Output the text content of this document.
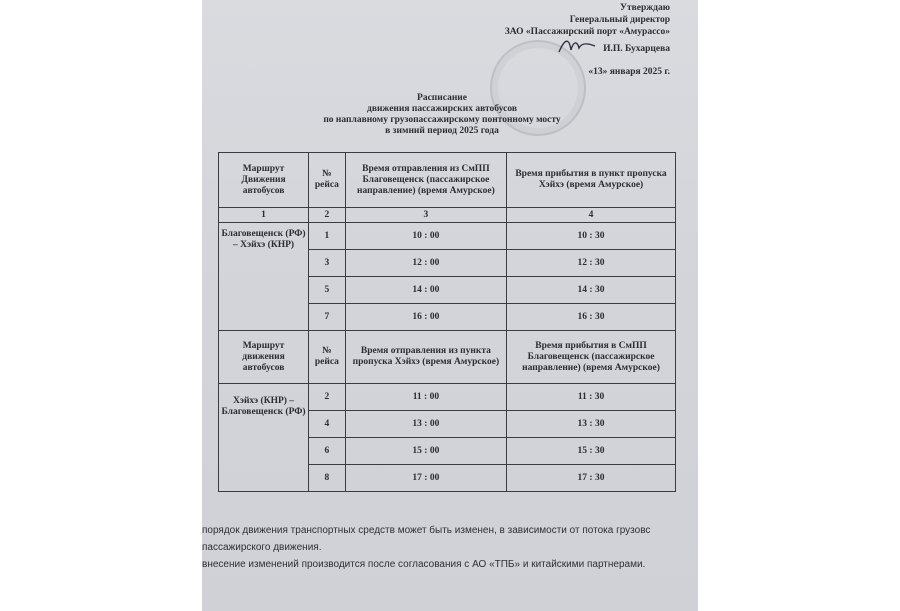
Утверждаю
Генеральный директор
ЗАО «Пассажирский порт «Амурассо»
И.П. Бухарцева
«13» января 2025 г.
Расписание
движения пассажирских автобусов
по наплавному грузопассажирскому понтонному мосту
в зимний период 2025 года
Маршрут Движения автобусов	№ рейса	Время отправления из СмПП Благовещенск (пассажирское направление) (время Амурское)	Время прибытия в пункт пропуска Хэйхэ (время Амурское)
1	2	3	4
Благовещенск (РФ) – Хэйхэ (КНР)	1	10 : 00	10 : 30
	3	12 : 00	12 : 30
	5	14 : 00	14 : 30
	7	16 : 00	16 : 30
Маршрут движения автобусов	№ рейса	Время отправления из пункта пропуска Хэйхэ (время Амурское)	Время прибытия в СмПП Благовещенск (пассажирское направление) (время Амурское)
Хэйхэ (КНР) – Благовещенск (РФ)	2	11 : 00	11 : 30
	4	13 : 00	13 : 30
	6	15 : 00	15 : 30
	8	17 : 00	17 : 30
порядок движения транспортных средств может быть изменен, в зависимости от потока грузовс
пассажирского движения.
внесение изменений производится после согласования с АО «ТПБ» и китайскими партнерами.
